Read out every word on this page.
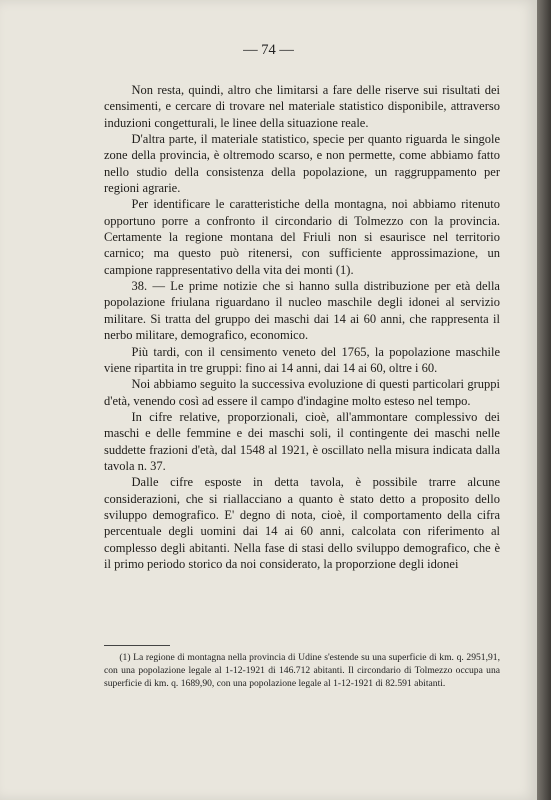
— 74 —

Non resta, quindi, altro che limitarsi a fare delle riserve sui risultati dei censimenti, e cercare di trovare nel materiale statistico disponibile, attraverso induzioni congetturali, le linee della situazione reale.

D'altra parte, il materiale statistico, specie per quanto riguarda le singole zone della provincia, è oltremodo scarso, e non permette, come abbiamo fatto nello studio della consistenza della popolazione, un raggruppamento per regioni agrarie.

Per identificare le caratteristiche della montagna, noi abbiamo ritenuto opportuno porre a confronto il circondario di Tolmezzo con la provincia. Certamente la regione montana del Friuli non si esaurisce nel territorio carnico; ma questo può ritenersi, con sufficiente approssimazione, un campione rappresentativo della vita dei monti (1).

38. — Le prime notizie che si hanno sulla distribuzione per età della popolazione friulana riguardano il nucleo maschile degli idonei al servizio militare. Si tratta del gruppo dei maschi dai 14 ai 60 anni, che rappresenta il nerbo militare, demografico, economico.

Più tardi, con il censimento veneto del 1765, la popolazione maschile viene ripartita in tre gruppi: fino ai 14 anni, dai 14 ai 60, oltre i 60.

Noi abbiamo seguito la successiva evoluzione di questi particolari gruppi d'età, venendo così ad essere il campo d'indagine molto esteso nel tempo.

In cifre relative, proporzionali, cioè, all'ammontare complessivo dei maschi e delle femmine e dei maschi soli, il contingente dei maschi nelle suddette frazioni d'età, dal 1548 al 1921, è oscillato nella misura indicata dalla tavola n. 37.

Dalle cifre esposte in detta tavola, è possibile trarre alcune considerazioni, che si riallacciano a quanto è stato detto a proposito dello sviluppo demografico. E' degno di nota, cioè, il comportamento della cifra percentuale degli uomini dai 14 ai 60 anni, calcolata con riferimento al complesso degli abitanti. Nella fase di stasi dello sviluppo demografico, che è il primo periodo storico da noi considerato, la proporzione degli idonei

(1) La regione di montagna nella provincia di Udine s'estende su una superficie di km. q. 2951,91, con una popolazione legale al 1-12-1921 di 146.712 abitanti. Il circondario di Tolmezzo occupa una superficie di km. q. 1689,90, con una popolazione legale al 1-12-1921 di 82.591 abitanti.
